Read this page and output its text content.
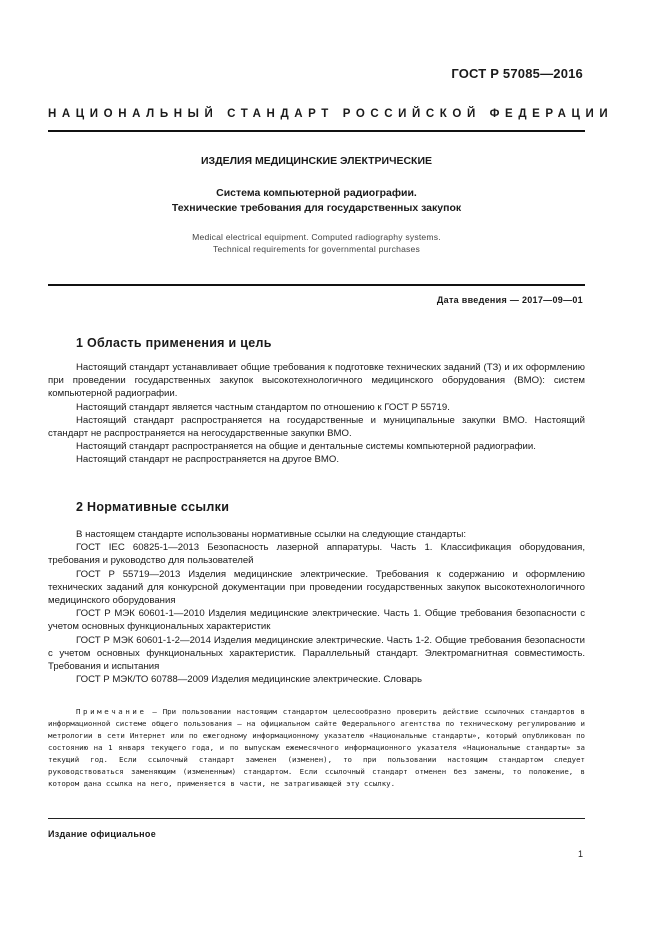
ГОСТ Р 57085—2016
НАЦИОНАЛЬНЫЙ СТАНДАРТ РОССИЙСКОЙ ФЕДЕРАЦИИ
ИЗДЕЛИЯ МЕДИЦИНСКИЕ ЭЛЕКТРИЧЕСКИЕ
Система компьютерной радиографии.
Технические требования для государственных закупок
Medical electrical equipment. Computed radiography systems.
Technical requirements for governmental purchases
Дата введения — 2017—09—01
1 Область применения и цель

Настоящий стандарт устанавливает общие требования к подготовке технических заданий (ТЗ) и их оформлению при проведении государственных закупок высокотехнологичного медицинского оборудования (ВМО): систем компьютерной радиографии.

Настоящий стандарт является частным стандартом по отношению к ГОСТ Р 55719.

Настоящий стандарт распространяется на государственные и муниципальные закупки ВМО. Настоящий стандарт не распространяется на негосударственные закупки ВМО.

Настоящий стандарт распространяется на общие и дентальные системы компьютерной радиографии.

Настоящий стандарт не распространяется на другое ВМО.

2 Нормативные ссылки

В настоящем стандарте использованы нормативные ссылки на следующие стандарты:

ГОСТ IEC 60825-1—2013 Безопасность лазерной аппаратуры. Часть 1. Классификация оборудования, требования и руководство для пользователей

ГОСТ Р 55719—2013 Изделия медицинские электрические. Требования к содержанию и оформлению технических заданий для конкурсной документации при проведении государственных закупок высокотехнологичного медицинского оборудования

ГОСТ Р МЭК 60601-1—2010 Изделия медицинские электрические. Часть 1. Общие требования безопасности с учетом основных функциональных характеристик

ГОСТ Р МЭК 60601-1-2—2014 Изделия медицинские электрические. Часть 1-2. Общие требования безопасности с учетом основных функциональных характеристик. Параллельный стандарт. Электромагнитная совместимость. Требования и испытания

ГОСТ Р МЭК/ТО 60788—2009 Изделия медицинские электрические. Словарь

Примечание — При пользовании настоящим стандартом целесообразно проверить действие ссылочных стандартов в информационной системе общего пользования — на официальном сайте Федерального агентства по техническому регулированию и метрологии в сети Интернет или по ежегодному информационному указателю «Национальные стандарты», который опубликован по состоянию на 1 января текущего года, и по выпускам ежемесячного информационного указателя «Национальные стандарты» за текущий год. Если ссылочный стандарт заменен (изменен), то при пользовании настоящим стандартом следует руководствоваться заменяющим (измененным) стандартом. Если ссылочный стандарт отменен без замены, то положение, в котором дана ссылка на него, применяется в части, не затрагивающей эту ссылку.
Издание официальное
1
